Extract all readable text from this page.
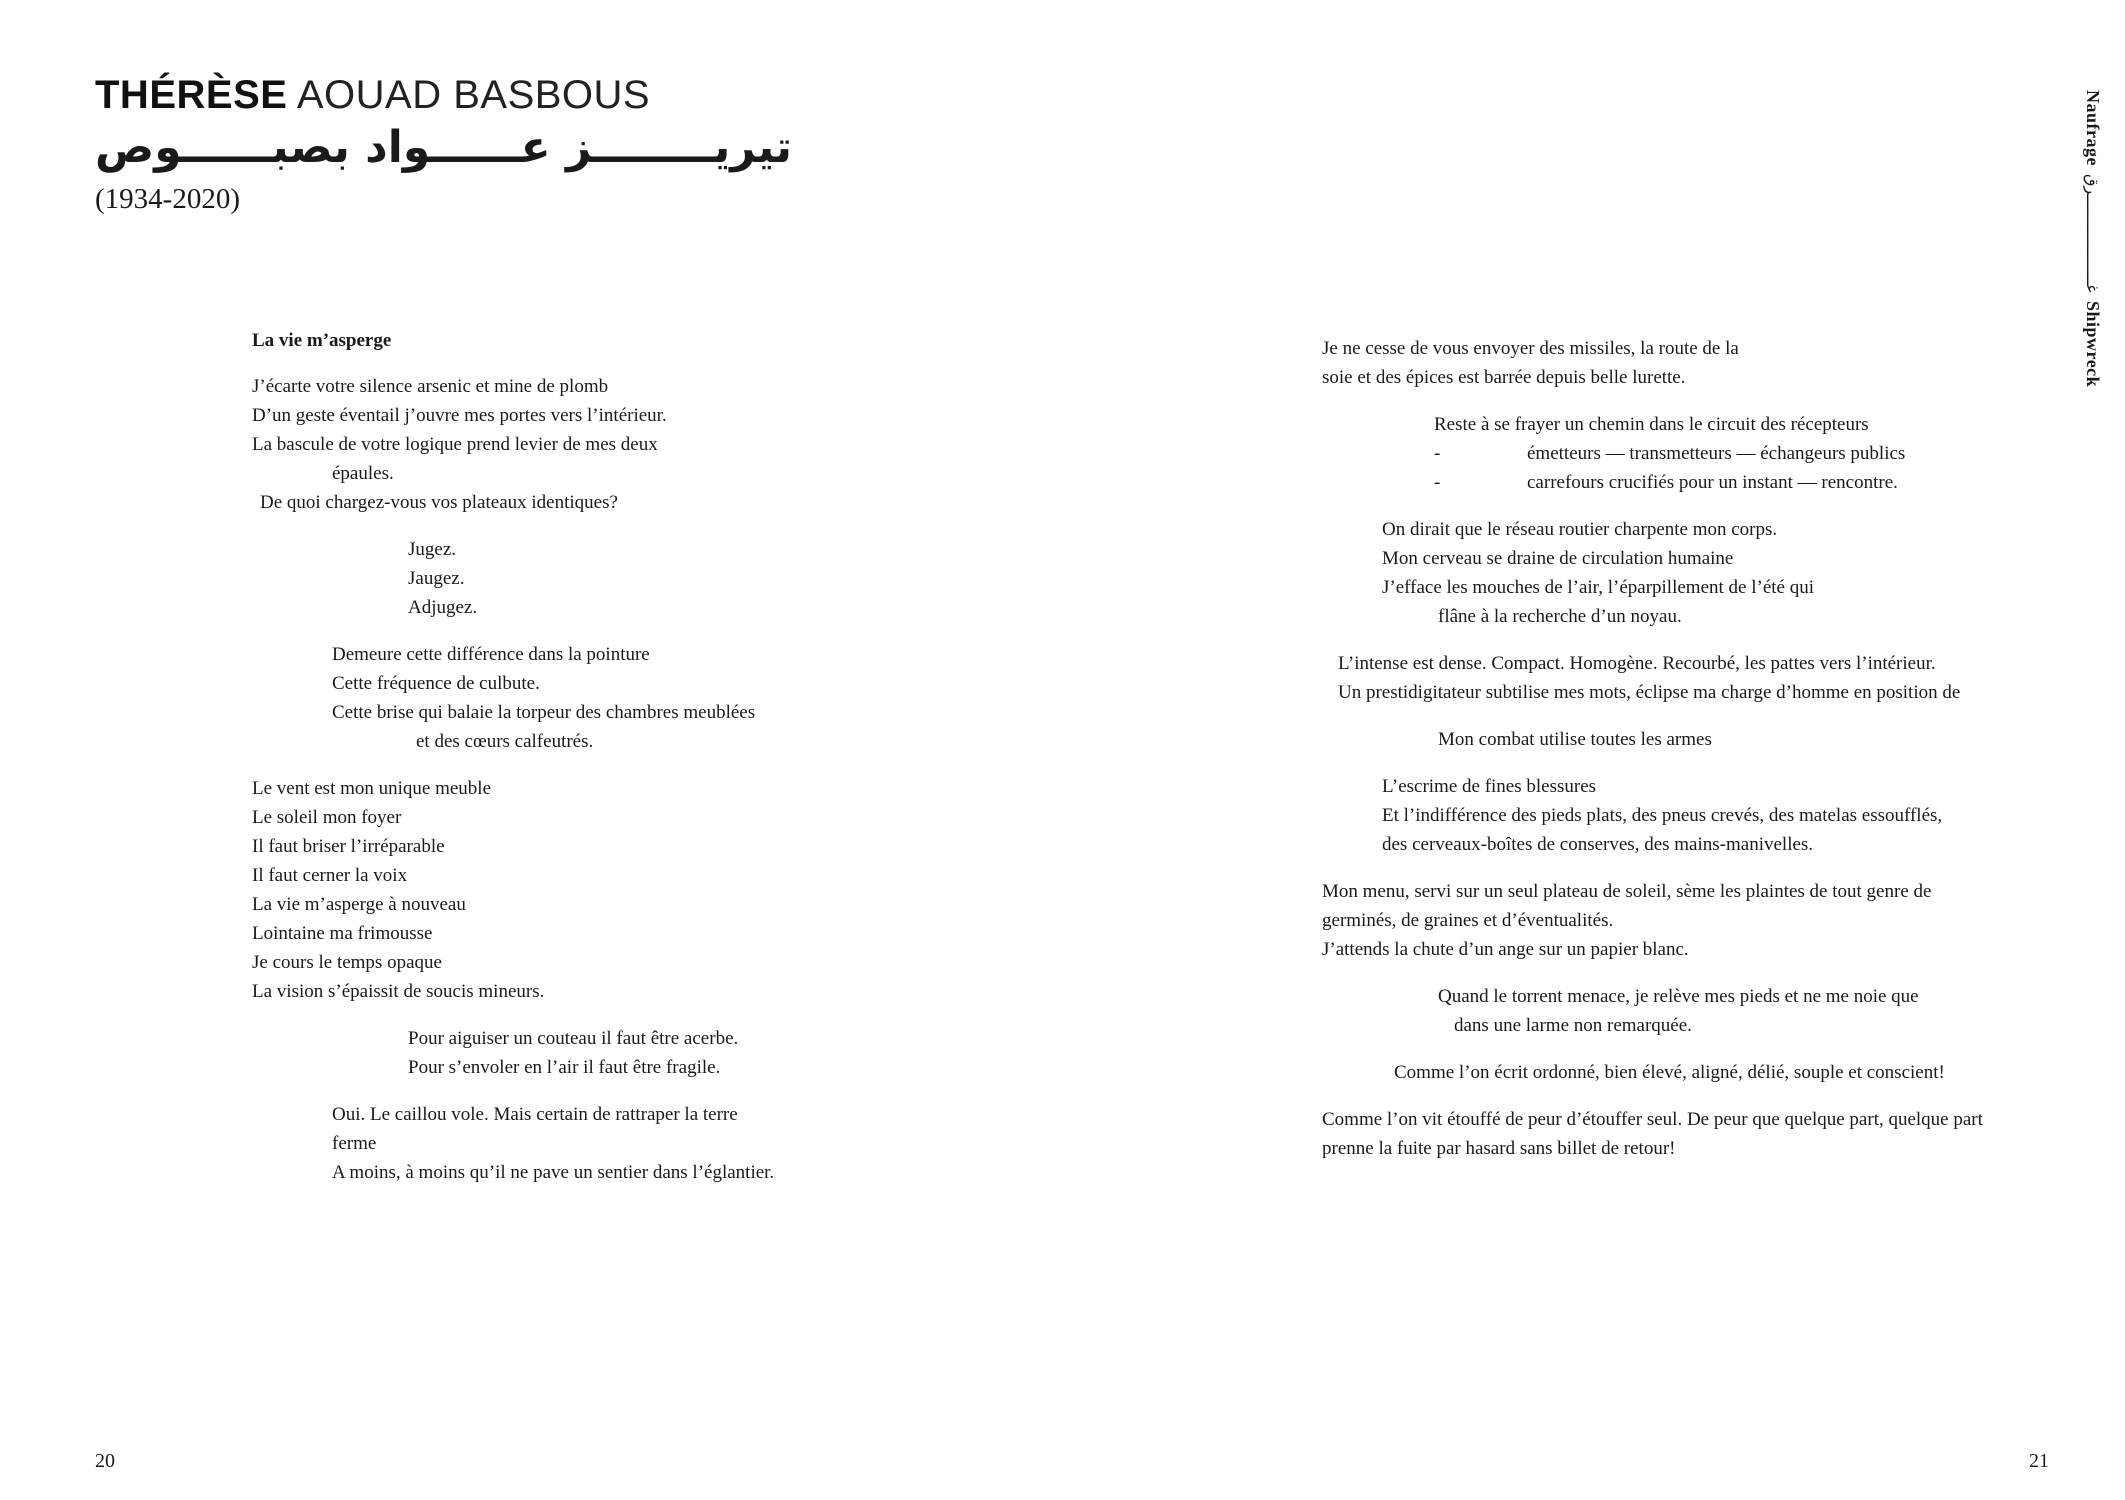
THÉRÈSE AOUAD BASBOUS
تيريــــــــز عــــــواد بصبــــــوص
(1934-2020)
Naufrage
غـــــــــــــــــــرق
Shipwreck
La vie m’asperge
J’écarte votre silence arsenic et mine de plomb
D’un geste éventail j’ouvre mes portes vers l’intérieur.
La bascule de votre logique prend levier de mes deux
épaules.
De quoi chargez-vous vos plateaux identiques?
Jugez.
Jaugez.
Adjugez.
Demeure cette différence dans la pointure
Cette fréquence de culbute.
Cette brise qui balaie la torpeur des chambres meublées
et des cœurs calfeutrés.
Le vent est mon unique meuble
Le soleil mon foyer
Il faut briser l’irréparable
Il faut cerner la voix
La vie m’asperge à nouveau
Lointaine ma frimousse
Je cours le temps opaque
La vision s’épaissit de soucis mineurs.
Pour aiguiser un couteau il faut être acerbe.
Pour s’envoler en l’air il faut être fragile.
Oui. Le caillou vole. Mais certain de rattraper la terre
ferme
A moins, à moins qu’il ne pave un sentier dans l’églantier.
Je ne cesse de vous envoyer des missiles, la route de la
soie et des épices est barrée depuis belle lurette.
Reste à se frayer un chemin dans le circuit des récepteurs
-	émetteurs — transmetteurs — échangeurs publics
-	carrefours crucifiés pour un instant — rencontre.
On dirait que le réseau routier charpente mon corps.
Mon cerveau se draine de circulation humaine
J’efface les mouches de l’air, l’éparpillement de l’été qui
flâne à la recherche d’un noyau.
L’intense est dense. Compact. Homogène. Recourbé, les pattes vers l’intérieur.
Un prestidigitateur subtilise mes mots, éclipse ma charge d’homme en position de
Mon combat utilise toutes les armes
L’escrime de fines blessures
Et l’indifférence des pieds plats, des pneus crevés, des matelas essoufflés,
des cerveaux-boîtes de conserves, des mains-manivelles.
Mon menu, servi sur un seul plateau de soleil, sème les plaintes de tout genre de
germinés, de graines et d’éventualités.
J’attends la chute d’un ange sur un papier blanc.
Quand le torrent menace, je relève mes pieds et ne me noie que
dans une larme non remarquée.
Comme l’on écrit ordonné, bien élevé, aligné, délié, souple et conscient!
Comme l’on vit étouffé de peur d’étouffer seul. De peur que quelque part, quelque part
prenne la fuite par hasard sans billet de retour!
20	21
